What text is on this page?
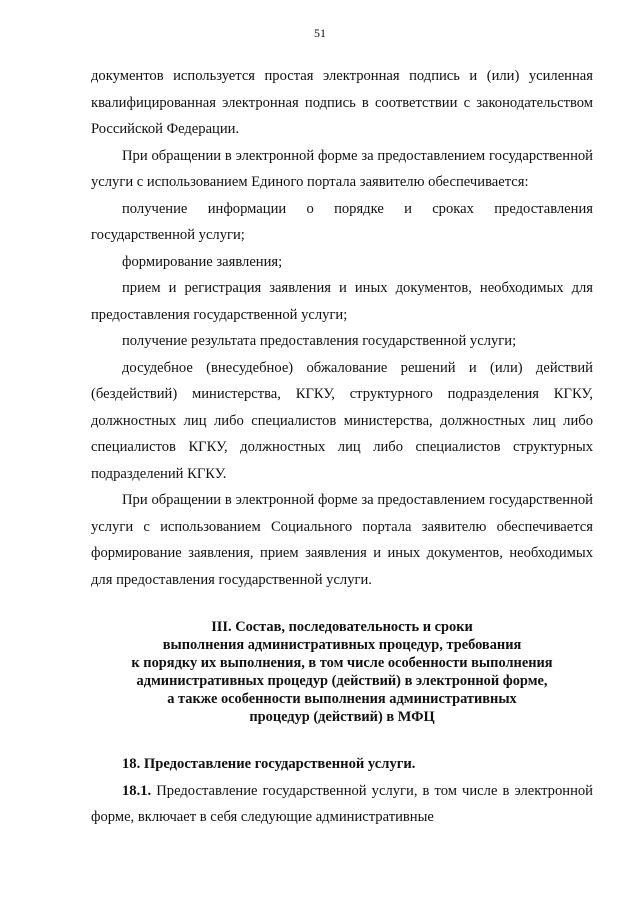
51

документов используется простая электронная подпись и (или) усиленная квалифицированная электронная подпись в соответствии с законодательством Российской Федерации.

При обращении в электронной форме за предоставлением государственной услуги с использованием Единого портала заявителю обеспечивается:

получение информации о порядке и сроках предоставления государственной услуги;

формирование заявления;

прием и регистрация заявления и иных документов, необходимых для предоставления государственной услуги;

получение результата предоставления государственной услуги;

досудебное (внесудебное) обжалование решений и (или) действий (бездействий) министерства, КГКУ, структурного подразделения КГКУ, должностных лиц либо специалистов министерства, должностных лиц либо специалистов КГКУ, должностных лиц либо специалистов структурных подразделений КГКУ.

При обращении в электронной форме за предоставлением государственной услуги с использованием Социального портала заявителю обеспечивается формирование заявления, прием заявления и иных документов, необходимых для предоставления государственной услуги.

III. Состав, последовательность и сроки
выполнения административных процедур, требования
к порядку их выполнения, в том числе особенности выполнения
административных процедур (действий) в электронной форме,
а также особенности выполнения административных
процедур (действий) в МФЦ

18. Предоставление государственной услуги.

18.1. Предоставление государственной услуги, в том числе в электронной форме, включает в себя следующие административные
